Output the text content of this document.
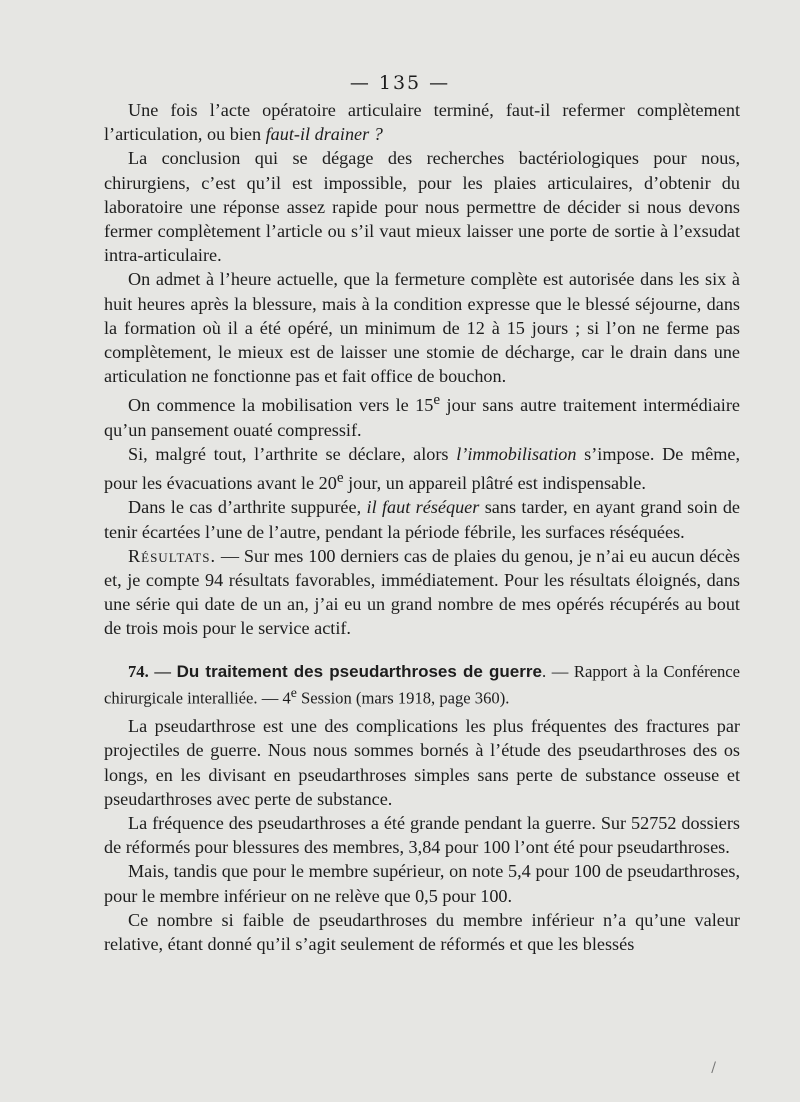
— 135 —

Une fois l’acte opératoire articulaire terminé, faut-il refermer complètement l’articulation, ou bien faut-il drainer ?

La conclusion qui se dégage des recherches bactériologiques pour nous, chirurgiens, c’est qu’il est impossible, pour les plaies articulaires, d’obtenir du laboratoire une réponse assez rapide pour nous permettre de décider si nous devons fermer complètement l’article ou s’il vaut mieux laisser une porte de sortie à l’exsudat intra-articulaire.

On admet à l’heure actuelle, que la fermeture complète est autorisée dans les six à huit heures après la blessure, mais à la condition expresse que le blessé séjourne, dans la formation où il a été opéré, un minimum de 12 à 15 jours ; si l’on ne ferme pas complètement, le mieux est de laisser une stomie de décharge, car le drain dans une articulation ne fonctionne pas et fait office de bouchon.

On commence la mobilisation vers le 15e jour sans autre traitement intermédiaire qu’un pansement ouaté compressif.

Si, malgré tout, l’arthrite se déclare, alors l’immobilisation s’impose. De même, pour les évacuations avant le 20e jour, un appareil plâtré est indispensable.

Dans le cas d’arthrite suppurée, il faut réséquer sans tarder, en ayant grand soin de tenir écartées l’une de l’autre, pendant la période fébrile, les surfaces réséquées.

Résultats. — Sur mes 100 derniers cas de plaies du genou, je n’ai eu aucun décès et, je compte 94 résultats favorables, immédiatement. Pour les résultats éloignés, dans une série qui date de un an, j’ai eu un grand nombre de mes opérés récupérés au bout de trois mois pour le service actif.

74. — Du traitement des pseudarthroses de guerre. — Rapport à la Conférence chirurgicale interalliée. — 4e Session (mars 1918, page 360).

La pseudarthrose est une des complications les plus fréquentes des fractures par projectiles de guerre. Nous nous sommes bornés à l’étude des pseudarthroses des os longs, en les divisant en pseudarthroses simples sans perte de substance osseuse et pseudarthroses avec perte de substance.

La fréquence des pseudarthroses a été grande pendant la guerre. Sur 52752 dossiers de réformés pour blessures des membres, 3,84 pour 100 l’ont été pour pseudarthroses.

Mais, tandis que pour le membre supérieur, on note 5,4 pour 100 de pseudarthroses, pour le membre inférieur on ne relève que 0,5 pour 100.

Ce nombre si faible de pseudarthroses du membre inférieur n’a qu’une valeur relative, étant donné qu’il s’agit seulement de réformés et que les blessés

/
